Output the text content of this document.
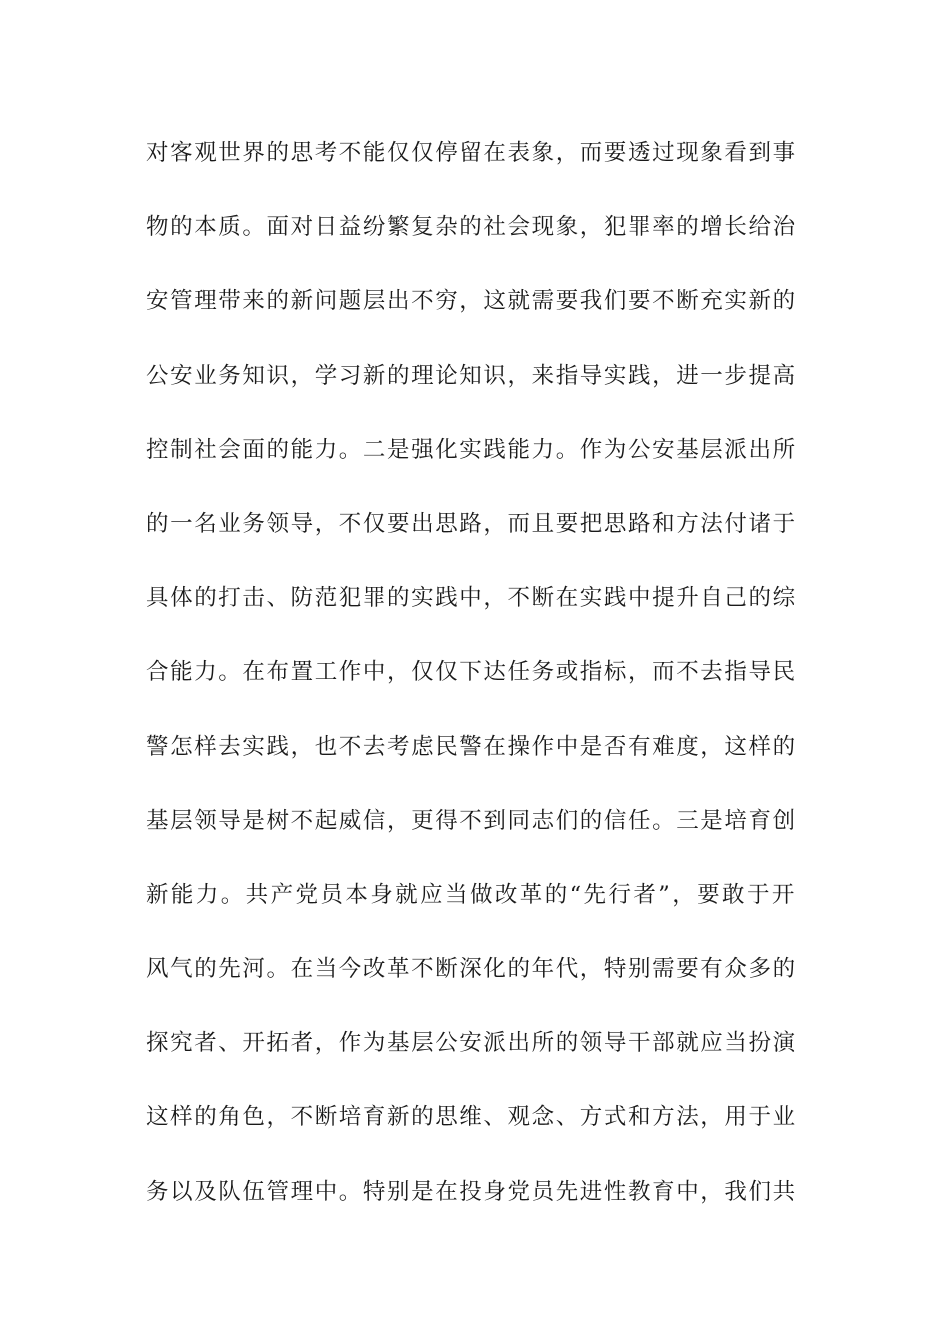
对客观世界的思考不能仅仅停留在表象，而要透过现象看到事
物的本质。面对日益纷繁复杂的社会现象，犯罪率的增长给治
安管理带来的新问题层出不穷，这就需要我们要不断充实新的
公安业务知识，学习新的理论知识，来指导实践，进一步提高
控制社会面的能力。二是强化实践能力。作为公安基层派出所
的一名业务领导，不仅要出思路，而且要把思路和方法付诸于
具体的打击、防范犯罪的实践中，不断在实践中提升自己的综
合能力。在布置工作中，仅仅下达任务或指标，而不去指导民
警怎样去实践，也不去考虑民警在操作中是否有难度，这样的
基层领导是树不起威信，更得不到同志们的信任。三是培育创
新能力。共产党员本身就应当做改革的“先行者”，要敢于开
风气的先河。在当今改革不断深化的年代，特别需要有众多的
探究者、开拓者，作为基层公安派出所的领导干部就应当扮演
这样的角色，不断培育新的思维、观念、方式和方法，用于业
务以及队伍管理中。特别是在投身党员先进性教育中，我们共
